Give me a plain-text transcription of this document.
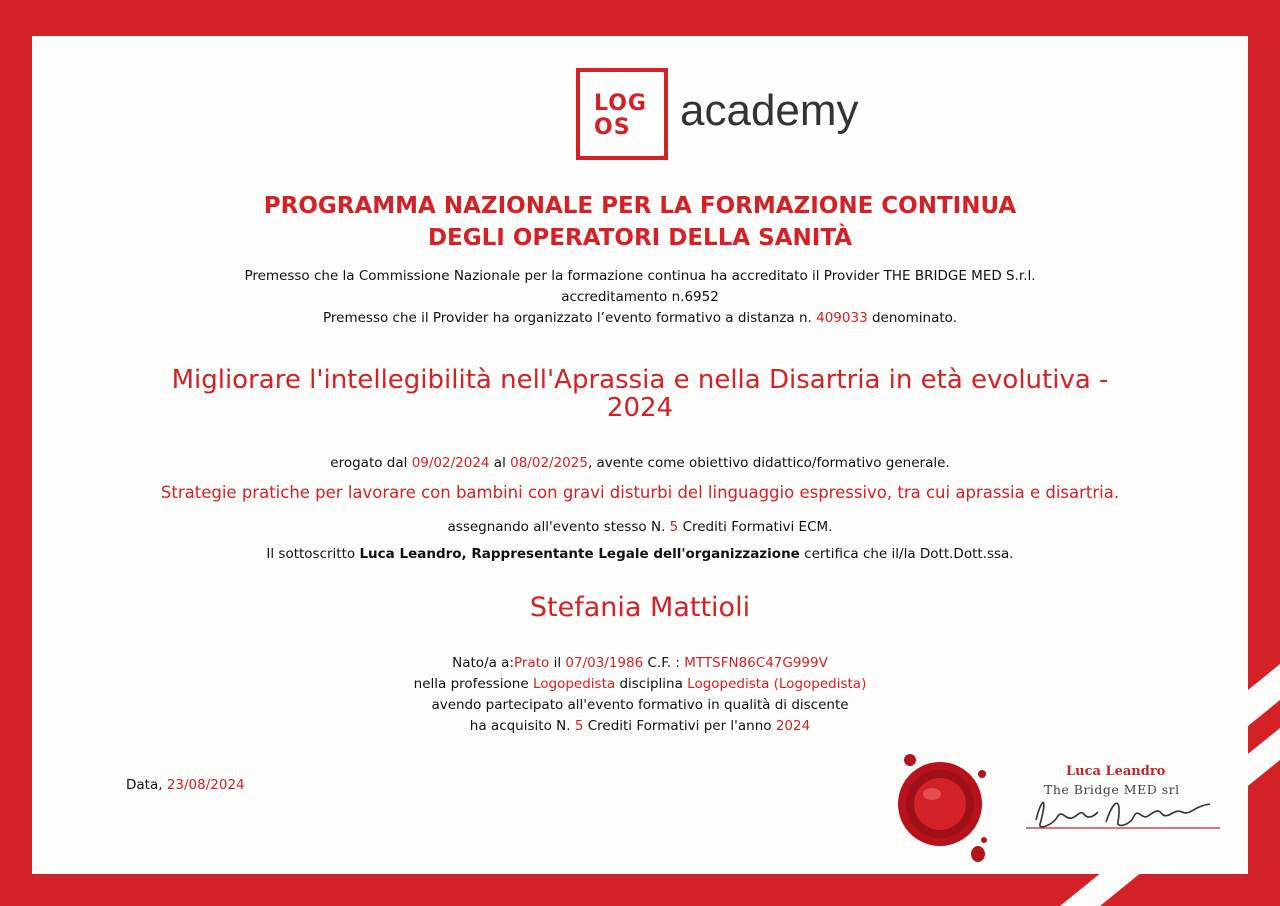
LOG
OS	academy
PROGRAMMA NAZIONALE PER LA FORMAZIONE CONTINUA
DEGLI OPERATORI DELLA SANITÀ
Premesso che la Commissione Nazionale per la formazione continua ha accreditato il Provider THE BRIDGE MED S.r.l.
accreditamento n.6952
Premesso che il Provider ha organizzato l’evento formativo a distanza n. 409033 denominato.
Migliorare l'intellegibilità nell'Aprassia e nella Disartria in età evolutiva -
2024
erogato dal 09/02/2024 al 08/02/2025, avente come obiettivo didattico/formativo generale.
Strategie pratiche per lavorare con bambini con gravi disturbi del linguaggio espressivo, tra cui aprassia e disartria.
assegnando all'evento stesso N. 5 Crediti Formativi ECM.
Il sottoscritto Luca Leandro, Rappresentante Legale dell'organizzazione certifica che il/la Dott.Dott.ssa.
Stefania Mattioli
Nato/a a:Prato il 07/03/1986 C.F. : MTTSFN86C47G999V
nella professione Logopedista disciplina Logopedista (Logopedista)
avendo partecipato all'evento formativo in qualità di discente
ha acquisito N. 5 Crediti Formativi per l'anno 2024
Data, 23/08/2024
Luca Leandro
The Bridge MED srl
